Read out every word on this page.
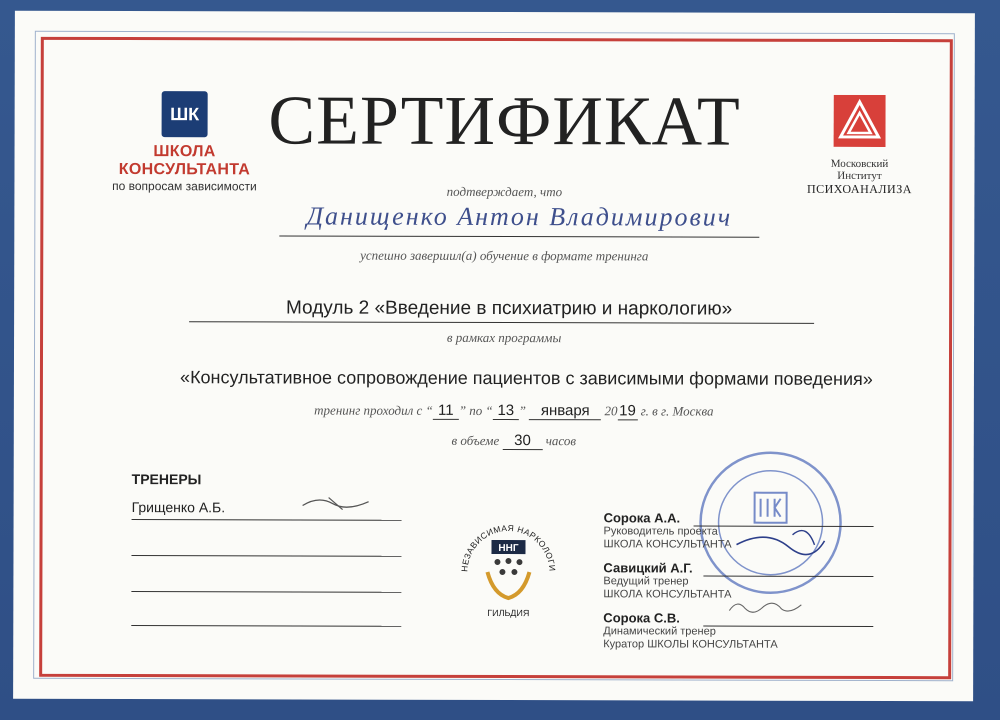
ШК
ШКОЛА КОНСУЛЬТАНТА
по вопросам зависимости
СЕРТИФИКАТ
Московский
Институт
ПСИХОАНАЛИЗА
подтверждает, что
Данищенко Антон Владимирович
успешно завершил(а) обучение в формате тренинга
Модуль 2 «Введение в психиатрию и наркологию»
в рамках программы
«Консультативное сопровождение пациентов с зависимыми формами поведения»
тренинг проходил с “ 11 ” по “ 13 ” января 20 19 г. в г. Москва
в объеме 30 часов
ТРЕНЕРЫ
Грищенко А.Б.
НЕЗАВИСИМАЯ НАРКОЛОГИЧЕСКАЯ
ННГ
ГИЛЬДИЯ
Сорока А.А.
Руководитель проекта
ШКОЛА КОНСУЛЬТАНТА
Савицкий А.Г.
Ведущий тренер
ШКОЛА КОНСУЛЬТАНТА
Сорока С.В.
Динамический тренер
Куратор ШКОЛЫ КОНСУЛЬТАНТА
